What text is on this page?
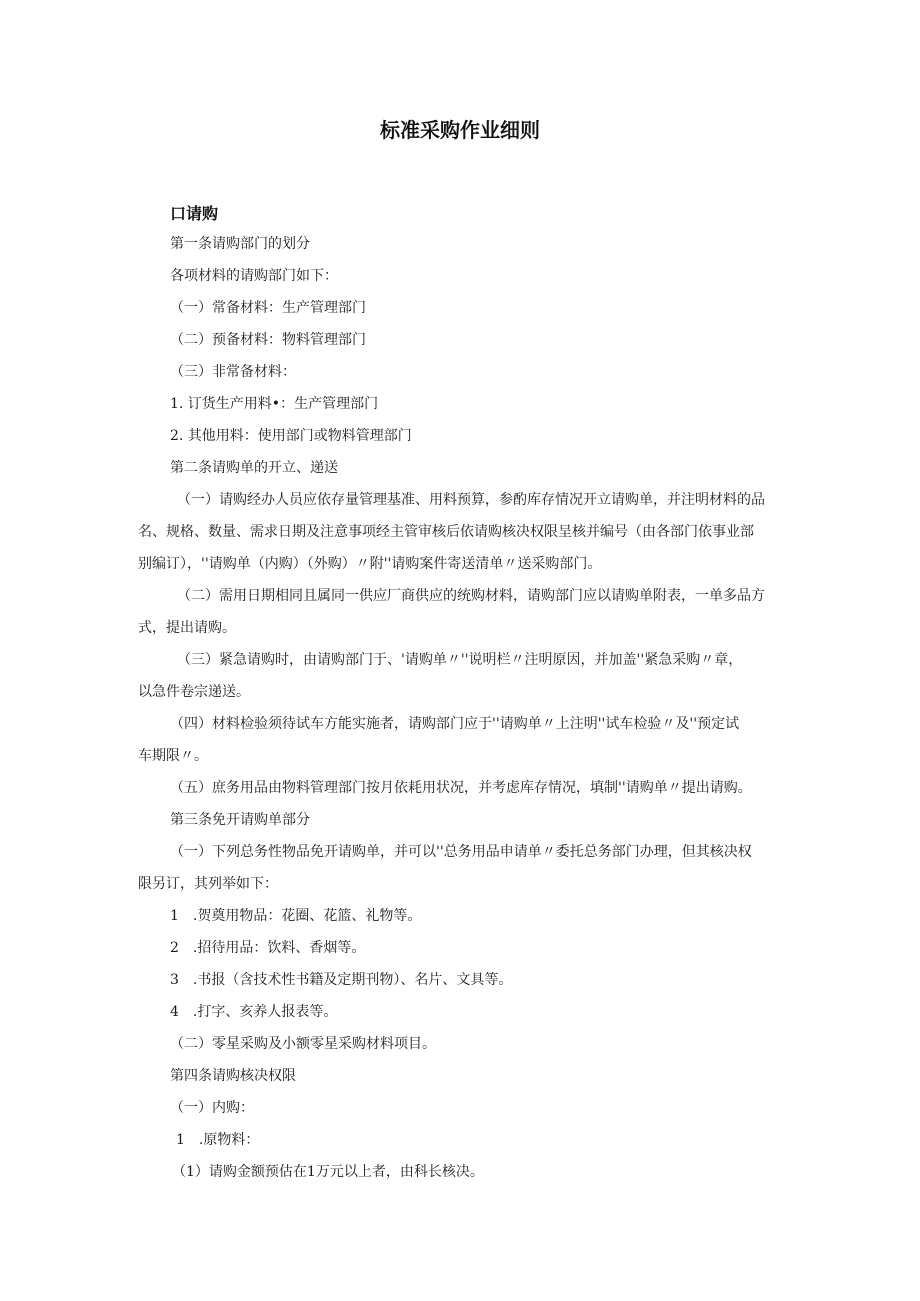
标准采购作业细则
口请购
第一条请购部门的划分
各项材料的请购部门如下：
（一）常备材料：生产管理部门
（二）预备材料：物料管理部门
（三）非常备材料：
1. 订货生产用料•：生产管理部门
2. 其他用料：使用部门或物料管理部门
第二条请购单的开立、递送
（一）请购经办人员应依存量管理基准、用料预算，参酌库存情况开立请购单，并注明材料的品
名、规格、数量、需求日期及注意事项经主管审核后依请购核决权限呈核并编号（由各部门依事业部
别编订），''请购单（内购）（外购）〃附''请购案件寄送清单〃送采购部门。
（二）需用日期相同且属同一供应厂商供应的统购材料，请购部门应以请购单附表，一单多品方
式，提出请购。
（三）紧急请购时，由请购部门于、'请购单〃''说明栏〃注明原因，并加盖''紧急采购〃章，
以急件卷宗递送。
（四）材料检验须待试车方能实施者，请购部门应于''请购单〃上注明''试车检验〃及''预定试
车期限〃。
（五）庶务用品由物料管理部门按月依耗用状况，并考虑库存情况，填制''请购单〃提出请购。
第三条免开请购单部分
（一）下列总务性物品免开请购单，并可以''总务用品申请单〃委托总务部门办理，但其核决权
限另订，其列举如下：
1　.贺奠用物品：花圈、花篮、礼物等。
2　.招待用品：饮料、香烟等。
3　.书报（含技术性书籍及定期刊物）、名片、文具等。
4　.打字、亥养人报表等。
（二）零星采购及小额零星采购材料项目。
第四条请购核决权限
（一）内购：
1　.原物料：
（1）请购金额预估在1万元以上者，由科长核决。
